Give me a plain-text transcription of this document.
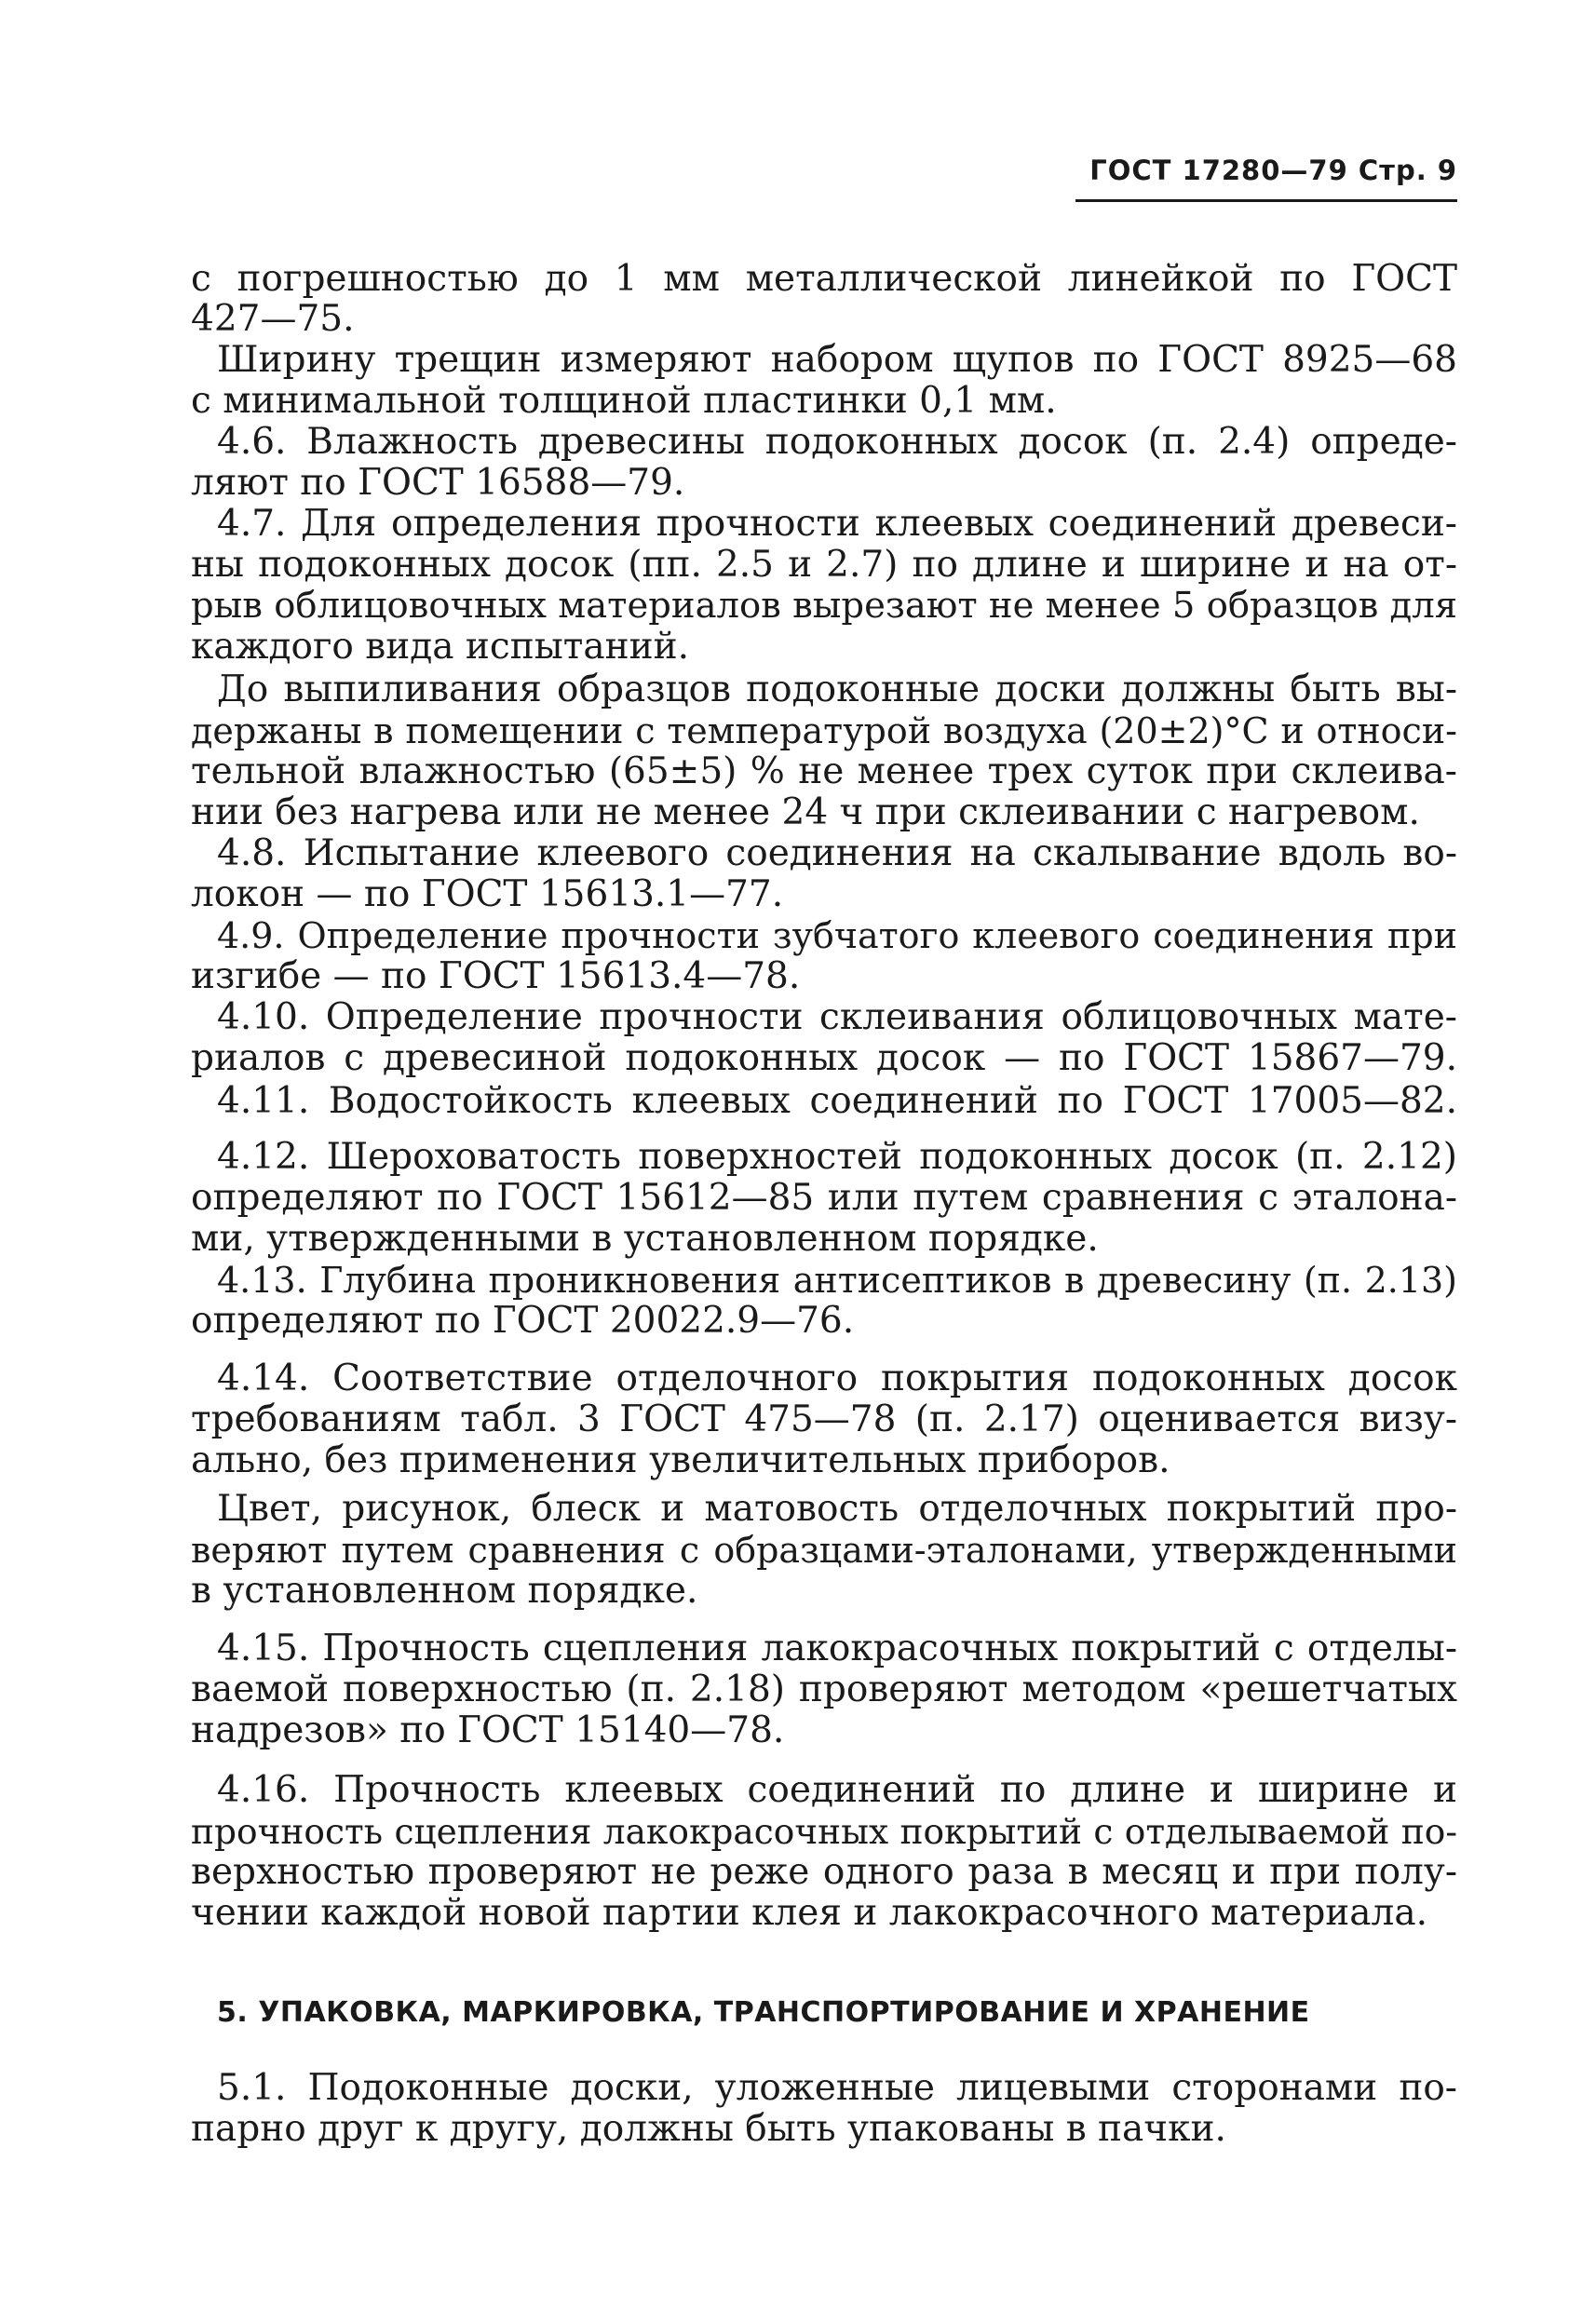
ГОСТ 17280—79 Стр. 9
с погрешностью до 1 мм металлической линейкой по ГОСТ
427—75.
Ширину трещин измеряют набором щупов по ГОСТ 8925—68
с минимальной толщиной пластинки 0,1 мм.
4.6. Влажность древесины подоконных досок (п. 2.4) опреде-
ляют по ГОСТ 16588—79.
4.7. Для определения прочности клеевых соединений древеси-
ны подоконных досок (пп. 2.5 и 2.7) по длине и ширине и на от-
рыв облицовочных материалов вырезают не менее 5 образцов для
каждого вида испытаний.
До выпиливания образцов подоконные доски должны быть вы-
держаны в помещении с температурой воздуха (20±2)°С и относи-
тельной влажностью (65±5) % не менее трех суток при склеива-
нии без нагрева или не менее 24 ч при склеивании с нагревом.
4.8. Испытание клеевого соединения на скалывание вдоль во-
локон — по ГОСТ 15613.1—77.
4.9. Определение прочности зубчатого клеевого соединения при
изгибе — по ГОСТ 15613.4—78.
4.10. Определение прочности склеивания облицовочных мате-
риалов с древесиной подоконных досок — по ГОСТ 15867—79.
4.11. Водостойкость клеевых соединений по ГОСТ 17005—82.
4.12. Шероховатость поверхностей подоконных досок (п. 2.12)
определяют по ГОСТ 15612—85 или путем сравнения с эталона-
ми, утвержденными в установленном порядке.
4.13. Глубина проникновения антисептиков в древесину (п. 2.13)
определяют по ГОСТ 20022.9—76.
4.14. Соответствие отделочного покрытия подоконных досок
требованиям табл. 3 ГОСТ 475—78 (п. 2.17) оценивается визу-
ально, без применения увеличительных приборов.
Цвет, рисунок, блеск и матовость отделочных покрытий про-
веряют путем сравнения с образцами-эталонами, утвержденными
в установленном порядке.
4.15. Прочность сцепления лакокрасочных покрытий с отделы-
ваемой поверхностью (п. 2.18) проверяют методом «решетчатых
надрезов» по ГОСТ 15140—78.
4.16. Прочность клеевых соединений по длине и ширине и
прочность сцепления лакокрасочных покрытий с отделываемой по-
верхностью проверяют не реже одного раза в месяц и при полу-
чении каждой новой партии клея и лакокрасочного материала.
5. УПАКОВКА, МАРКИРОВКА, ТРАНСПОРТИРОВАНИЕ И ХРАНЕНИЕ
5.1. Подоконные доски, уложенные лицевыми сторонами по-
парно друг к другу, должны быть упакованы в пачки.
